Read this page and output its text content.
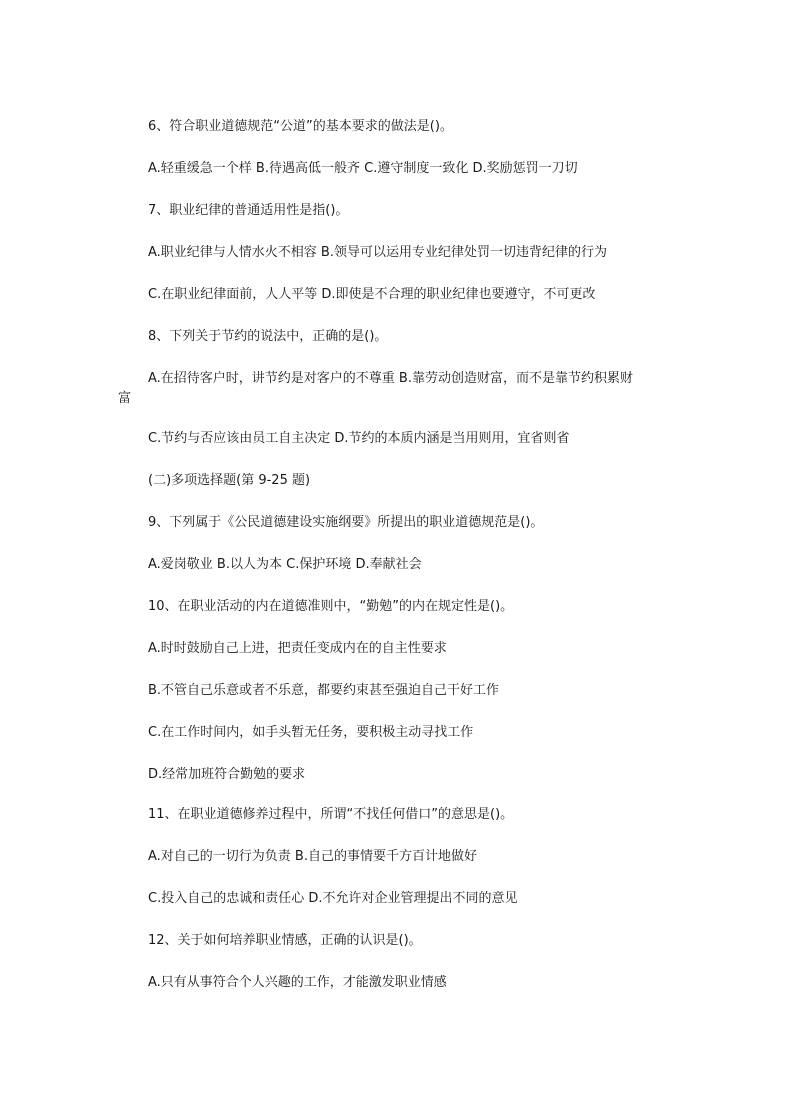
6、符合职业道德规范“公道”的基本要求的做法是()。
A.轻重缓急一个样 B.待遇高低一般齐 C.遵守制度一致化 D.奖励惩罚一刀切
7、职业纪律的普通适用性是指()。
A.职业纪律与人情水火不相容 B.领导可以运用专业纪律处罚一切违背纪律的行为
C.在职业纪律面前，人人平等 D.即使是不合理的职业纪律也要遵守，不可更改
8、下列关于节约的说法中，正确的是()。
A.在招待客户时，讲节约是对客户的不尊重 B.靠劳动创造财富，而不是靠节约积累财
富
C.节约与否应该由员工自主决定 D.节约的本质内涵是当用则用，宜省则省
(二)多项选择题(第 9-25 题)
9、下列属于《公民道德建设实施纲要》所提出的职业道德规范是()。
A.爱岗敬业 B.以人为本 C.保护环境 D.奉献社会
10、在职业活动的内在道德准则中，“勤勉”的内在规定性是()。
A.时时鼓励自己上进，把责任变成内在的自主性要求
B.不管自己乐意或者不乐意，都要约束甚至强迫自己干好工作
C.在工作时间内，如手头暂无任务，要积极主动寻找工作
D.经常加班符合勤勉的要求
11、在职业道德修养过程中，所谓“不找任何借口”的意思是()。
A.对自己的一切行为负责 B.自己的事情要千方百计地做好
C.投入自己的忠诚和责任心 D.不允许对企业管理提出不同的意见
12、关于如何培养职业情感，正确的认识是()。
A.只有从事符合个人兴趣的工作，才能激发职业情感
